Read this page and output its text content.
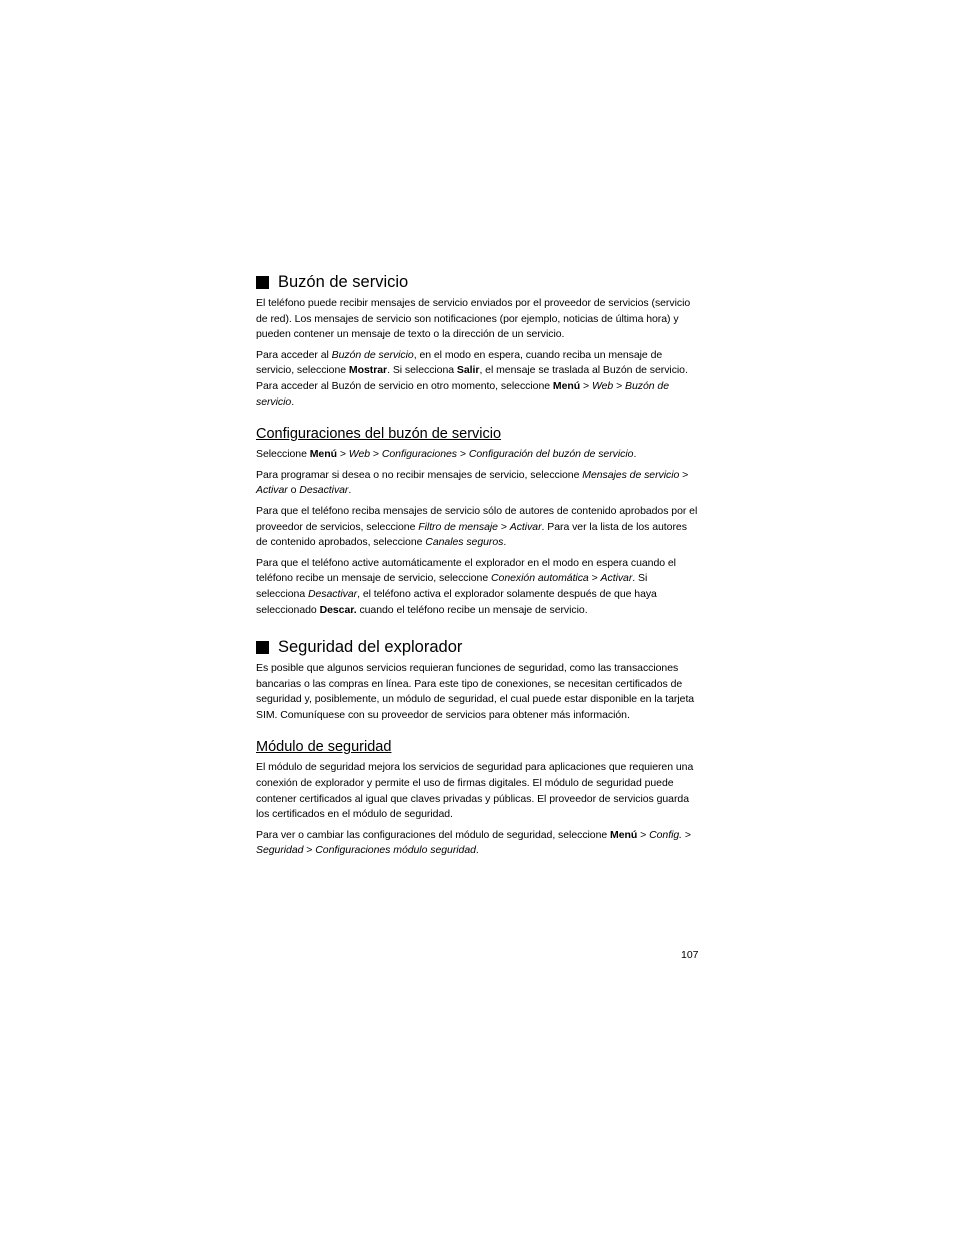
Buzón de servicio

El teléfono puede recibir mensajes de servicio enviados por el proveedor de servicios (servicio de red). Los mensajes de servicio son notificaciones (por ejemplo, noticias de última hora) y pueden contener un mensaje de texto o la dirección de un servicio.

Para acceder al Buzón de servicio, en el modo en espera, cuando reciba un mensaje de servicio, seleccione Mostrar. Si selecciona Salir, el mensaje se traslada al Buzón de servicio. Para acceder al Buzón de servicio en otro momento, seleccione Menú > Web > Buzón de servicio.

Configuraciones del buzón de servicio

Seleccione Menú > Web > Configuraciones > Configuración del buzón de servicio.

Para programar si desea o no recibir mensajes de servicio, seleccione Mensajes de servicio > Activar o Desactivar.

Para que el teléfono reciba mensajes de servicio sólo de autores de contenido aprobados por el proveedor de servicios, seleccione Filtro de mensaje > Activar. Para ver la lista de los autores de contenido aprobados, seleccione Canales seguros.

Para que el teléfono active automáticamente el explorador en el modo en espera cuando el teléfono recibe un mensaje de servicio, seleccione Conexión automática > Activar. Si selecciona Desactivar, el teléfono activa el explorador solamente después de que haya seleccionado Descar. cuando el teléfono recibe un mensaje de servicio.

Seguridad del explorador

Es posible que algunos servicios requieran funciones de seguridad, como las transacciones bancarias o las compras en línea. Para este tipo de conexiones, se necesitan certificados de seguridad y, posiblemente, un módulo de seguridad, el cual puede estar disponible en la tarjeta SIM. Comuníquese con su proveedor de servicios para obtener más información.

Módulo de seguridad

El módulo de seguridad mejora los servicios de seguridad para aplicaciones que requieren una conexión de explorador y permite el uso de firmas digitales. El módulo de seguridad puede contener certificados al igual que claves privadas y públicas. El proveedor de servicios guarda los certificados en el módulo de seguridad.

Para ver o cambiar las configuraciones del módulo de seguridad, seleccione Menú > Config. > Seguridad > Configuraciones módulo seguridad.

107
